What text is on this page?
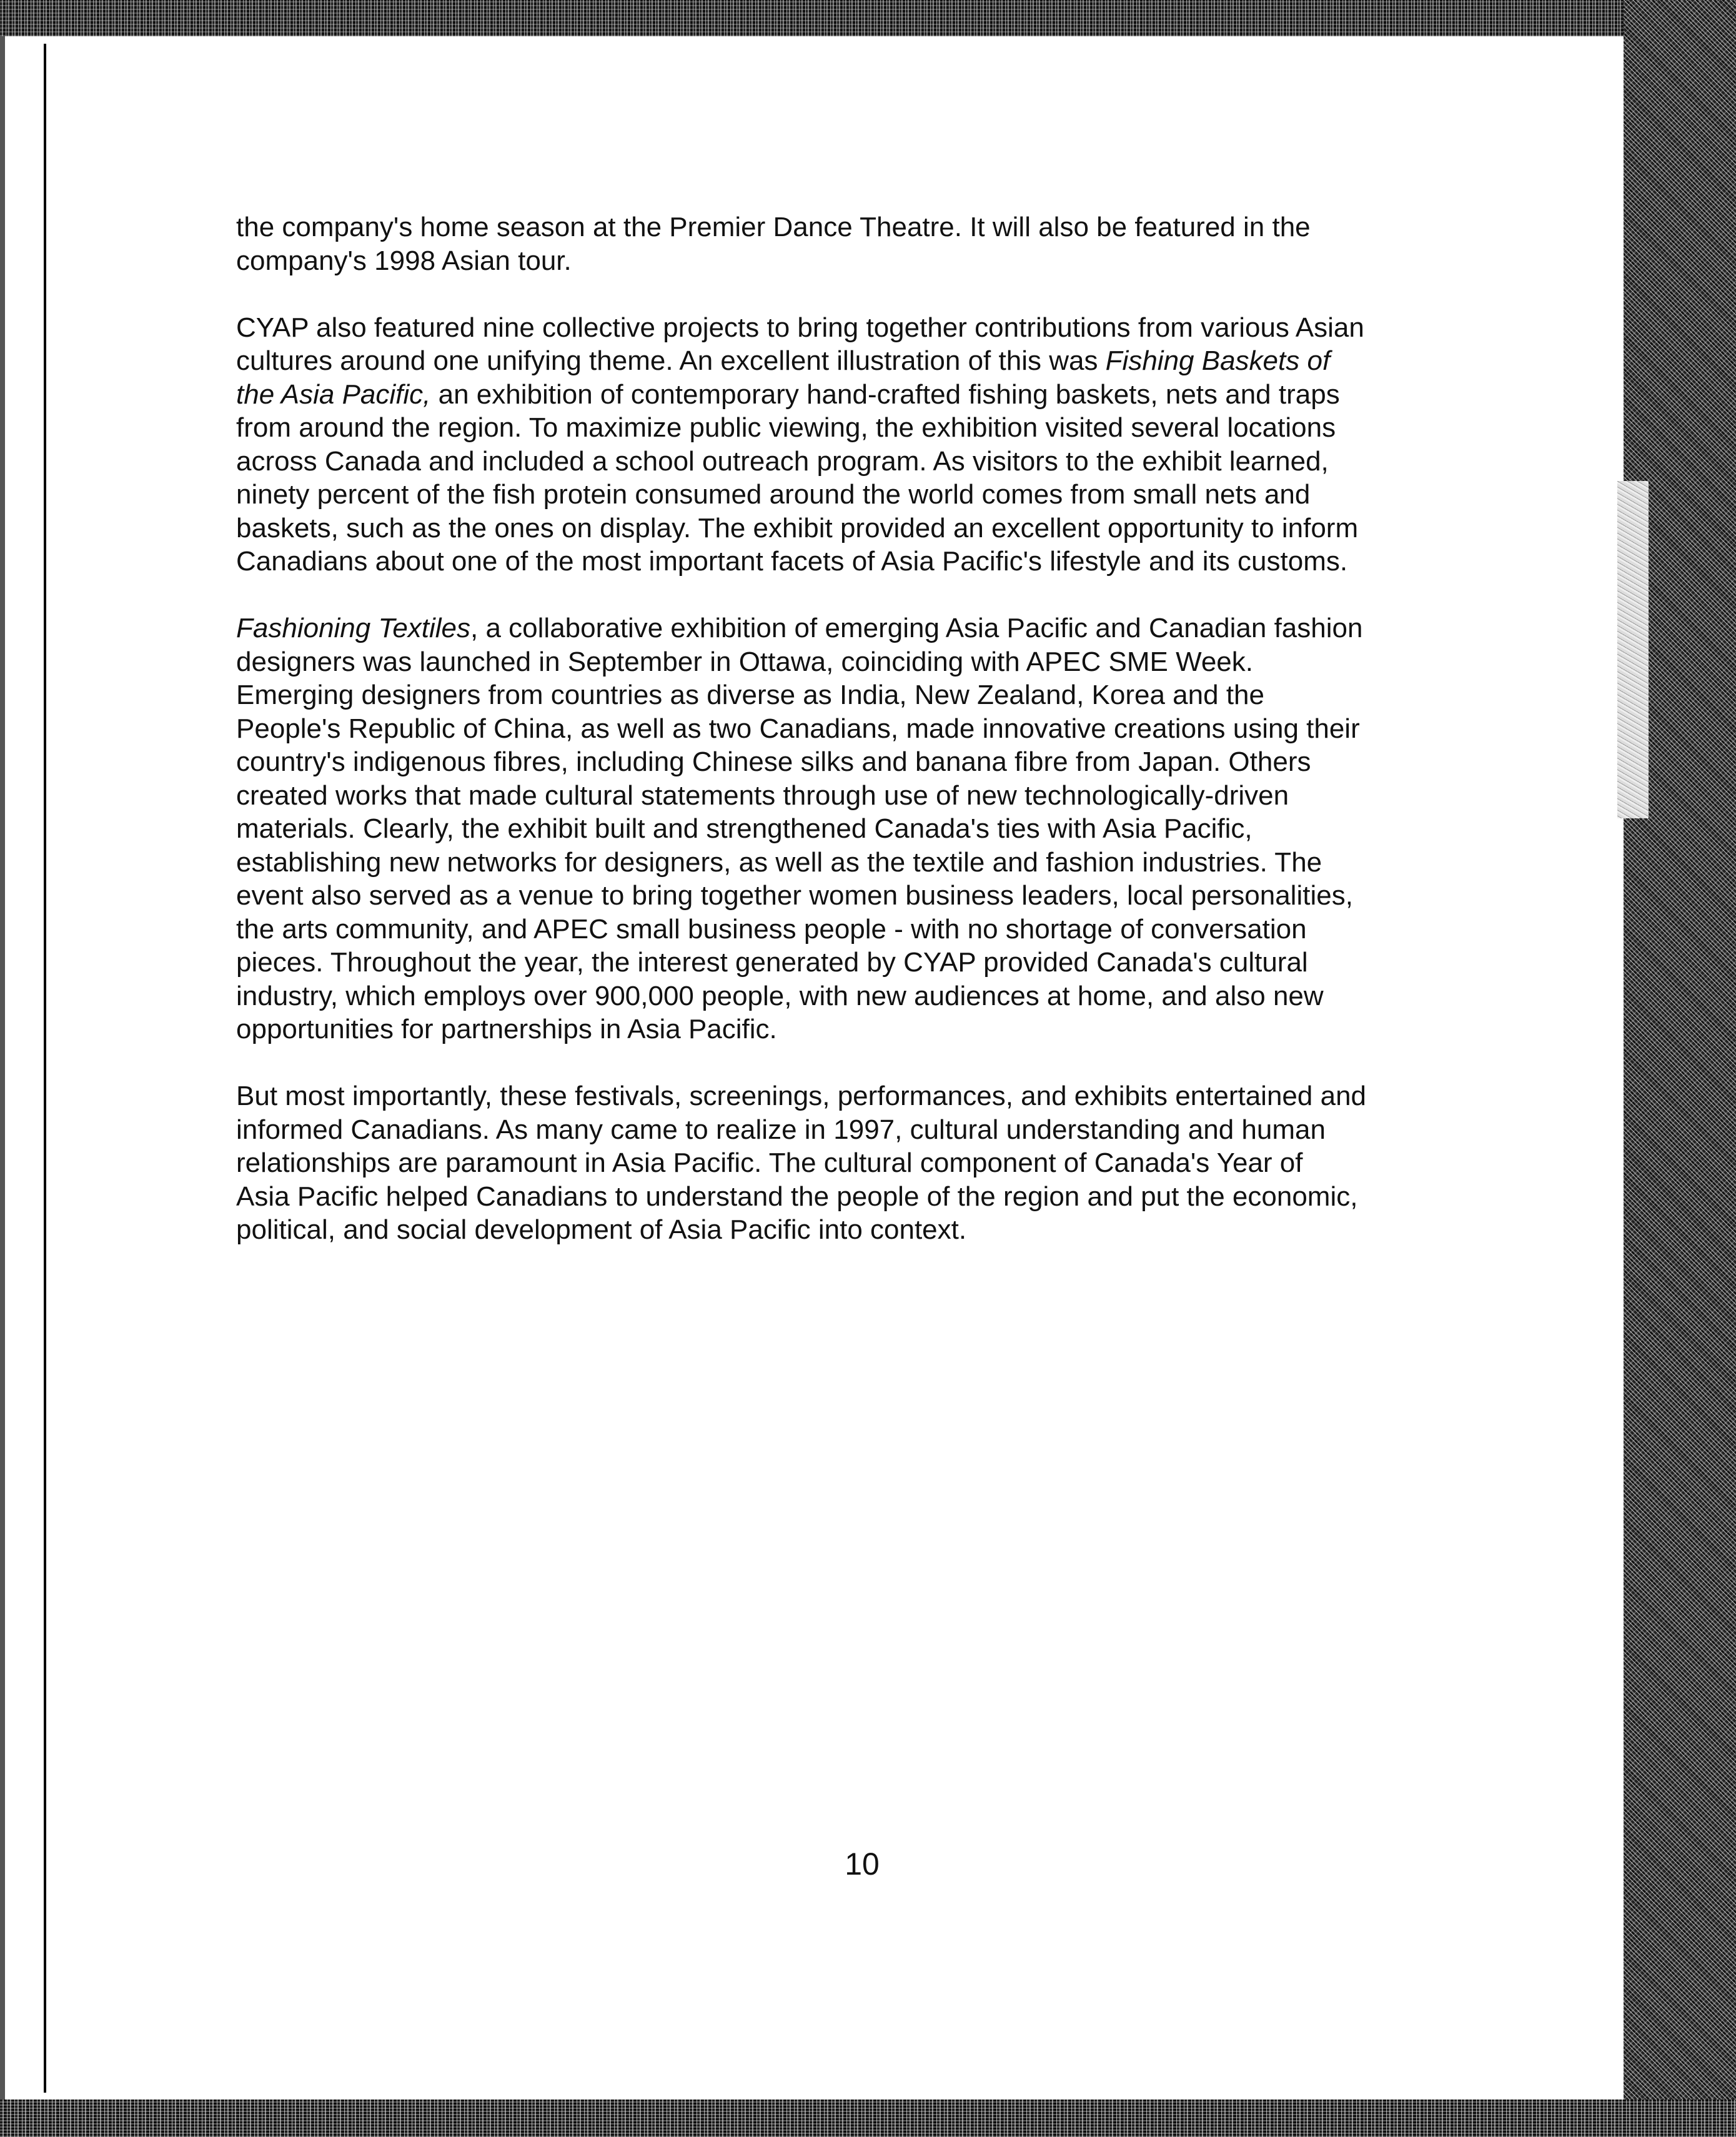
the company's home season at the Premier Dance Theatre. It will also be featured in the
company's 1998 Asian tour.

CYAP also featured nine collective projects to bring together contributions from various Asian
cultures around one unifying theme. An excellent illustration of this was Fishing Baskets of
the Asia Pacific, an exhibition of contemporary hand-crafted fishing baskets, nets and traps
from around the region. To maximize public viewing, the exhibition visited several locations
across Canada and included a school outreach program. As visitors to the exhibit learned,
ninety percent of the fish protein consumed around the world comes from small nets and
baskets, such as the ones on display. The exhibit provided an excellent opportunity to inform
Canadians about one of the most important facets of Asia Pacific's lifestyle and its customs.

Fashioning Textiles, a collaborative exhibition of emerging Asia Pacific and Canadian fashion
designers was launched in September in Ottawa, coinciding with APEC SME Week.
Emerging designers from countries as diverse as India, New Zealand, Korea and the
People's Republic of China, as well as two Canadians, made innovative creations using their
country's indigenous fibres, including Chinese silks and banana fibre from Japan. Others
created works that made cultural statements through use of new technologically-driven
materials. Clearly, the exhibit built and strengthened Canada's ties with Asia Pacific,
establishing new networks for designers, as well as the textile and fashion industries. The
event also served as a venue to bring together women business leaders, local personalities,
the arts community, and APEC small business people - with no shortage of conversation
pieces. Throughout the year, the interest generated by CYAP provided Canada's cultural
industry, which employs over 900,000 people, with new audiences at home, and also new
opportunities for partnerships in Asia Pacific.

But most importantly, these festivals, screenings, performances, and exhibits entertained and
informed Canadians. As many came to realize in 1997, cultural understanding and human
relationships are paramount in Asia Pacific. The cultural component of Canada's Year of
Asia Pacific helped Canadians to understand the people of the region and put the economic,
political, and social development of Asia Pacific into context.

10
